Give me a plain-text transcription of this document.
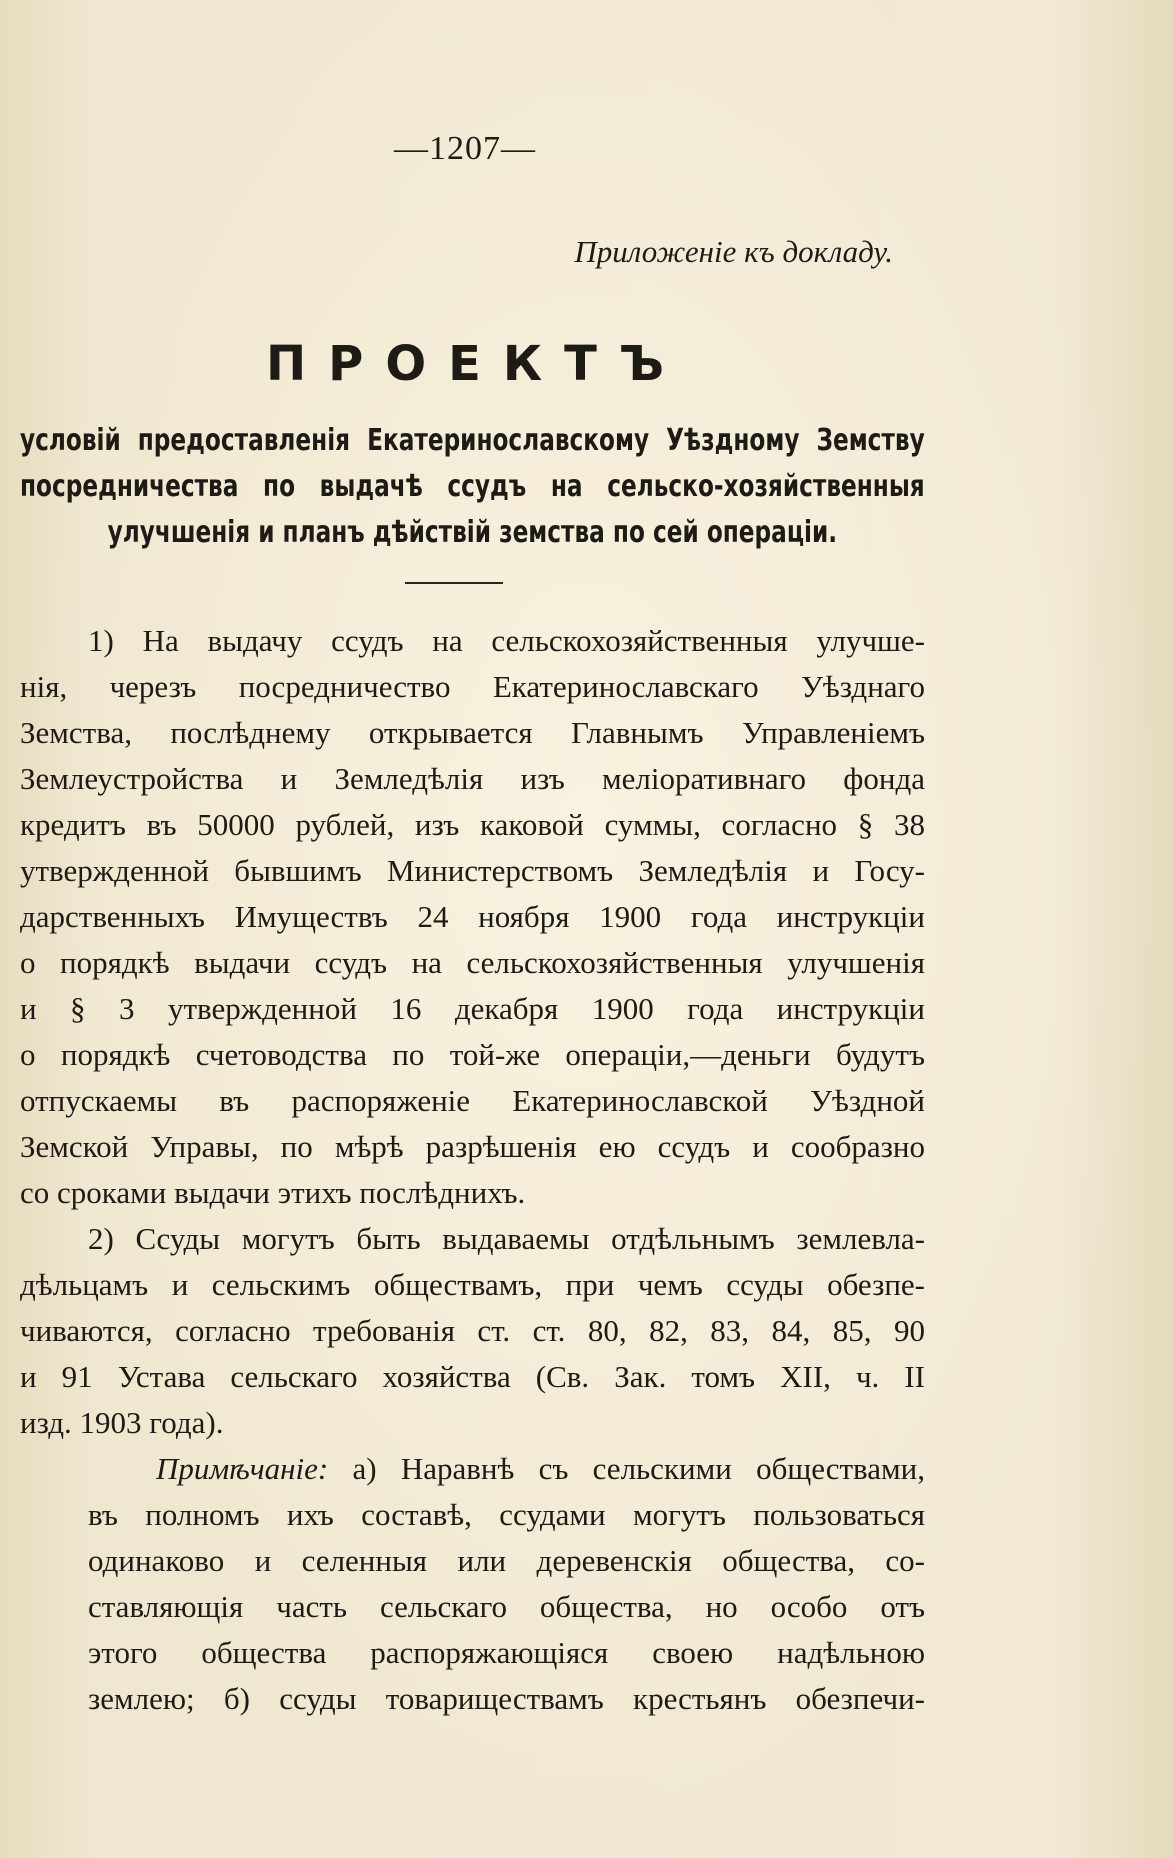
—1207—
Приложеніе къ докладу.
ПРОЕКТЪ
условій предоставленія Екатеринославскому Уѣздному Земству
посредничества по выдачѣ ссудъ на сельско-хозяйственныя
улучшенія и планъ дѣйствій земства по сей операціи.
1) На выдачу ссудъ на сельскохозяйственныя улучше-
нія, черезъ посредничество Екатеринославскаго Уѣзднаго
Земства, послѣднему открывается Главнымъ Управленіемъ
Землеустройства и Земледѣлія изъ меліоративнаго фонда
кредитъ въ 50000 рублей, изъ каковой суммы, согласно § 38
утвержденной бывшимъ Министерствомъ Земледѣлія и Госу-
дарственныхъ Имуществъ 24 ноября 1900 года инструкціи
о порядкѣ выдачи ссудъ на сельскохозяйственныя улучшенія
и § 3 утвержденной 16 декабря 1900 года инструкціи
о порядкѣ счетоводства по той-же операціи,—деньги будутъ
отпускаемы въ распоряженіе Екатеринославской Уѣздной
Земской Управы, по мѣрѣ разрѣшенія ею ссудъ и сообразно
со сроками выдачи этихъ послѣднихъ.
2) Ссуды могутъ быть выдаваемы отдѣльнымъ землевла-
дѣльцамъ и сельскимъ обществамъ, при чемъ ссуды обезпе-
чиваются, согласно требованія ст. ст. 80, 82, 83, 84, 85, 90
и 91 Устава сельскаго хозяйства (Св. Зак. томъ XII, ч. II
изд. 1903 года).
Примѣчаніе: а) Наравнѣ съ сельскими обществами,
въ полномъ ихъ составѣ, ссудами могутъ пользоваться
одинаково и селенныя или деревенскія общества, со-
ставляющія часть сельскаго общества, но особо отъ
этого общества распоряжающіяся своею надѣльною
землею; б) ссуды товариществамъ крестьянъ обезпечи-
